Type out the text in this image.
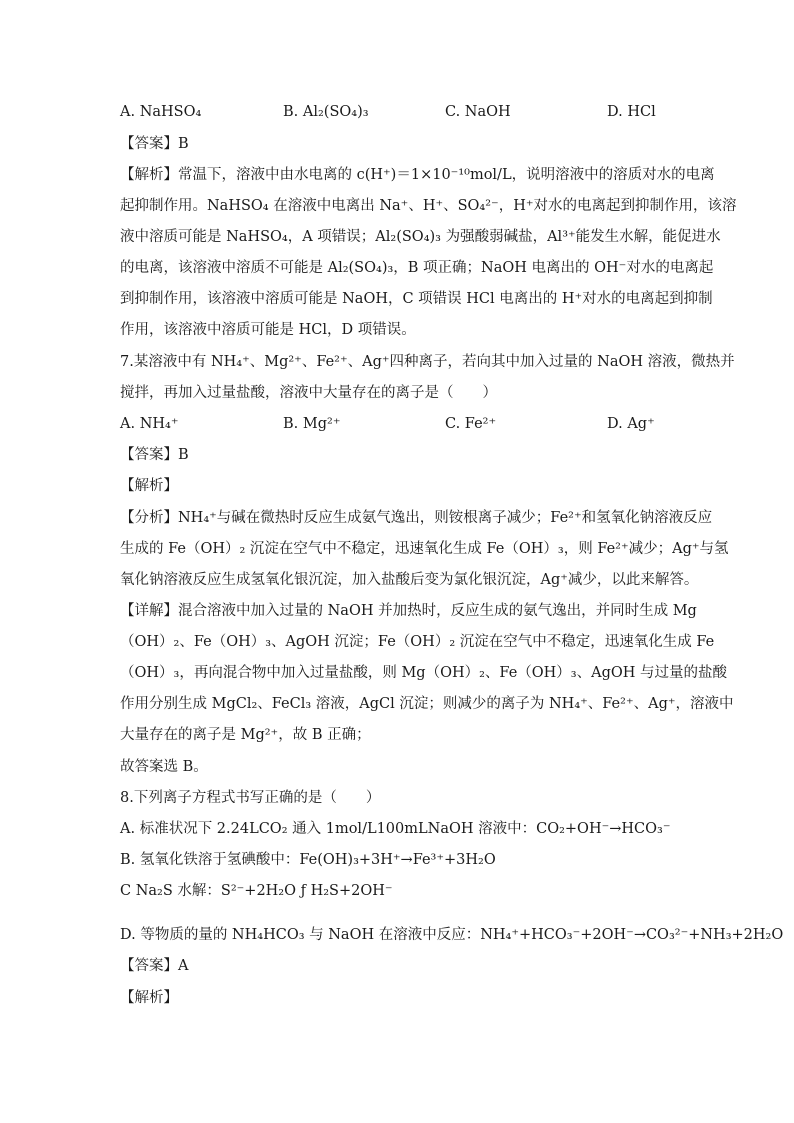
A. NaHSO₄	B. Al₂(SO₄)₃	C. NaOH	D. HCl
【答案】B
【解析】常温下，溶液中由水电离的 c(H⁺)＝1×10⁻¹⁰mol/L，说明溶液中的溶质对水的电离
起抑制作用。NaHSO₄ 在溶液中电离出 Na⁺、H⁺、SO₄²⁻，H⁺对水的电离起到抑制作用，该溶
液中溶质可能是 NaHSO₄，A 项错误；Al₂(SO₄)₃ 为强酸弱碱盐，Al³⁺能发生水解，能促进水
的电离，该溶液中溶质不可能是 Al₂(SO₄)₃，B 项正确；NaOH 电离出的 OH⁻对水的电离起
到抑制作用，该溶液中溶质可能是 NaOH，C 项错误 HCl 电离出的 H⁺对水的电离起到抑制
作用，该溶液中溶质可能是 HCl，D 项错误。
7.某溶液中有 NH₄⁺、Mg²⁺、Fe²⁺、Ag⁺四种离子，若向其中加入过量的 NaOH 溶液，微热并
搅拌，再加入过量盐酸，溶液中大量存在的离子是（　　）
A. NH₄⁺	B. Mg²⁺	C. Fe²⁺	D. Ag⁺
【答案】B
【解析】
【分析】NH₄⁺与碱在微热时反应生成氨气逸出，则铵根离子减少；Fe²⁺和氢氧化钠溶液反应
生成的 Fe（OH）₂ 沉淀在空气中不稳定，迅速氧化生成 Fe（OH）₃，则 Fe²⁺减少；Ag⁺与氢
氧化钠溶液反应生成氢氧化银沉淀，加入盐酸后变为氯化银沉淀，Ag⁺减少，以此来解答。
【详解】混合溶液中加入过量的 NaOH 并加热时，反应生成的氨气逸出，并同时生成 Mg
（OH）₂、Fe（OH）₃、AgOH 沉淀；Fe（OH）₂ 沉淀在空气中不稳定，迅速氧化生成 Fe
（OH）₃，再向混合物中加入过量盐酸，则 Mg（OH）₂、Fe（OH）₃、AgOH 与过量的盐酸
作用分别生成 MgCl₂、FeCl₃ 溶液，AgCl 沉淀；则减少的离子为 NH₄⁺、Fe²⁺、Ag⁺，溶液中
大量存在的离子是 Mg²⁺，故 B 正确；
故答案选 B。
8.下列离子方程式书写正确的是（　　）
A. 标准状况下 2.24LCO₂ 通入 1mol/L100mLNaOH 溶液中：CO₂+OH⁻→HCO₃⁻
B. 氢氧化铁溶于氢碘酸中：Fe(OH)₃+3H⁺→Fe³⁺+3H₂O
C Na₂S 水解：S²⁻+2H₂O ƒ H₂S+2OH⁻
D. 等物质的量的 NH₄HCO₃ 与 NaOH 在溶液中反应：NH₄⁺+HCO₃⁻+2OH⁻→CO₃²⁻+NH₃+2H₂O
【答案】A
【解析】
